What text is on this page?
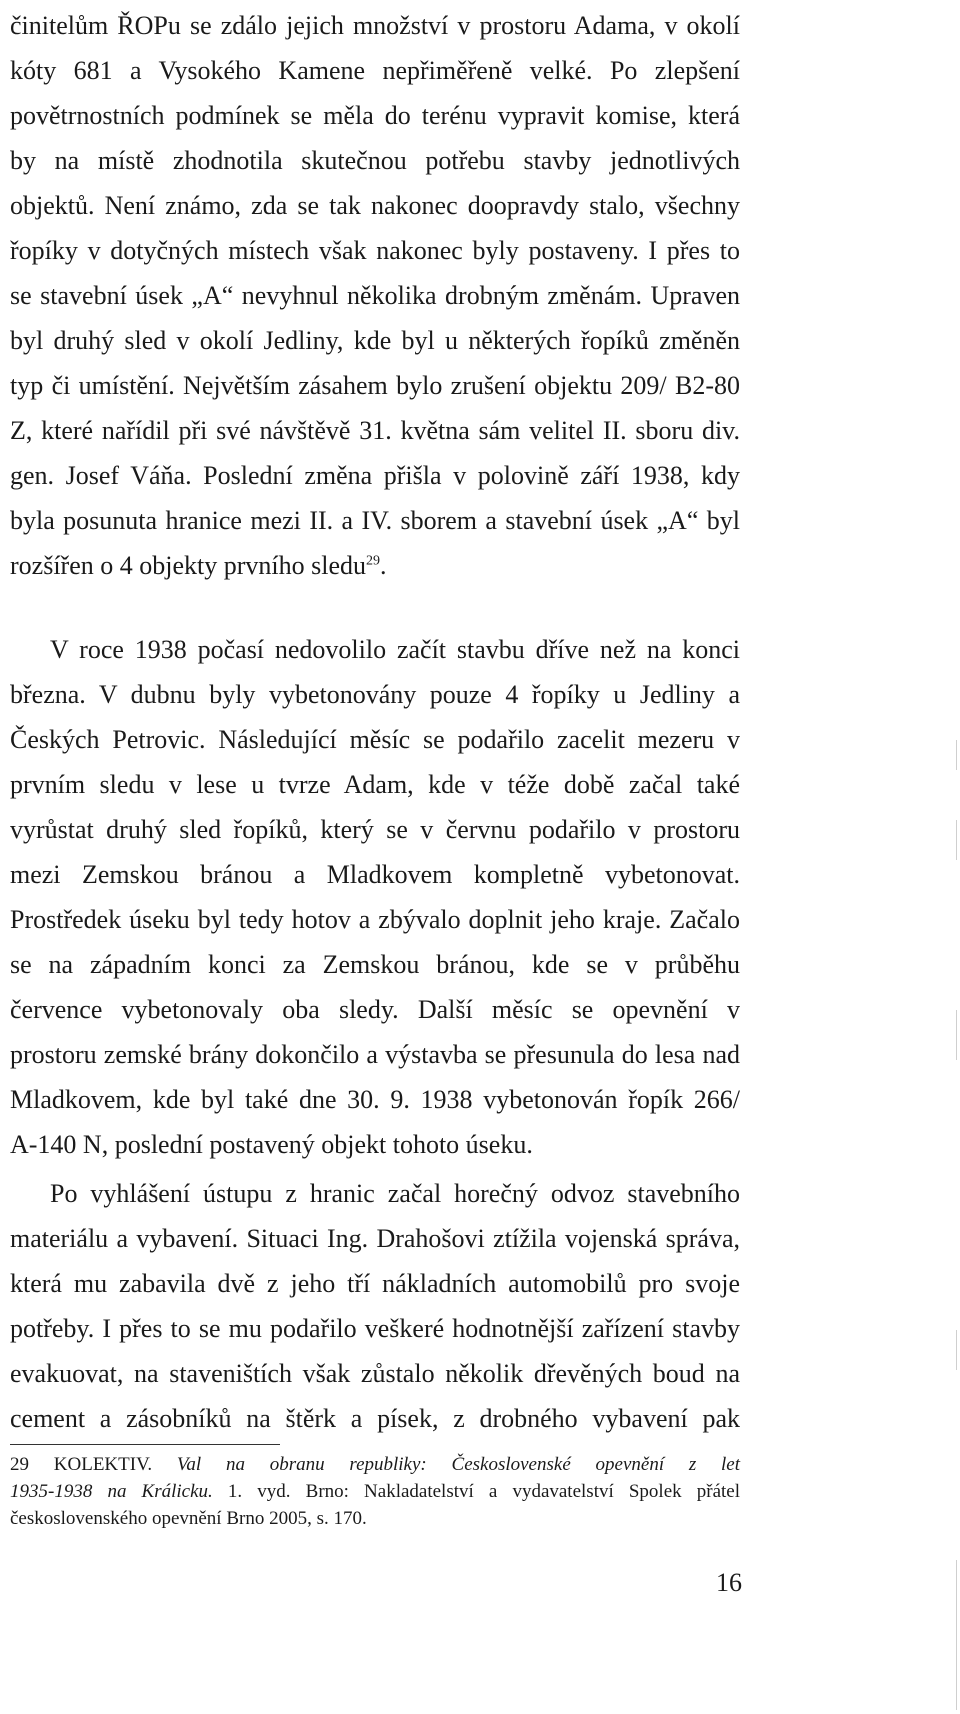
činitelům ŘOPu se zdálo jejich množství v prostoru Adama, v okolí
kóty 681 a Vysokého Kamene nepřiměřeně velké. Po zlepšení
povětrnostních podmínek se měla do terénu vypravit komise, která
by na místě zhodnotila skutečnou potřebu stavby jednotlivých
objektů. Není známo, zda se tak nakonec doopravdy stalo, všechny
řopíky v dotyčných místech však nakonec byly postaveny. I přes to
se stavební úsek „A“ nevyhnul několika drobným změnám. Upraven
byl druhý sled v okolí Jedliny, kde byl u některých řopíků změněn
typ či umístění. Největším zásahem bylo zrušení objektu 209/ B2-80
Z, které nařídil při své návštěvě 31. května sám velitel II. sboru div.
gen. Josef Váňa. Poslední změna přišla v polovině září 1938, kdy
byla posunuta hranice mezi II. a IV. sborem a stavební úsek „A“ byl
rozšířen o 4 objekty prvního sledu$^{29}$.
V roce 1938 počasí nedovolilo začít stavbu dříve než na konci
března. V dubnu byly vybetonovány pouze 4 řopíky u Jedliny a
Českých Petrovic. Následující měsíc se podařilo zacelit mezeru v
prvním sledu v lese u tvrze Adam, kde v téže době začal také
vyrůstat druhý sled řopíků, který se v červnu podařilo v prostoru
mezi Zemskou bránou a Mladkovem kompletně vybetonovat.
Prostředek úseku byl tedy hotov a zbývalo doplnit jeho kraje. Začalo
se na západním konci za Zemskou bránou, kde se v průběhu
července vybetonovaly oba sledy. Další měsíc se opevnění v
prostoru zemské brány dokončilo a výstavba se přesunula do lesa nad
Mladkovem, kde byl také dne 30. 9. 1938 vybetonován řopík 266/
A-140 N, poslední postavený objekt tohoto úseku.
Po vyhlášení ústupu z hranic začal horečný odvoz stavebního
materiálu a vybavení. Situaci Ing. Drahošovi ztížila vojenská správa,
která mu zabavila dvě z jeho tří nákladních automobilů pro svoje
potřeby. I přes to se mu podařilo veškeré hodnotnější zařízení stavby
evakuovat, na staveništích však zůstalo několik dřevěných boud na
cement a zásobníků na štěrk a písek, z drobného vybavení pak
29 KOLEKTIV. Val na obranu republiky: Československé opevnění z let
1935-1938 na Králicku. 1. vyd. Brno: Nakladatelství a vydavatelství Spolek přátel
československého opevnění Brno 2005, s. 170.
16
